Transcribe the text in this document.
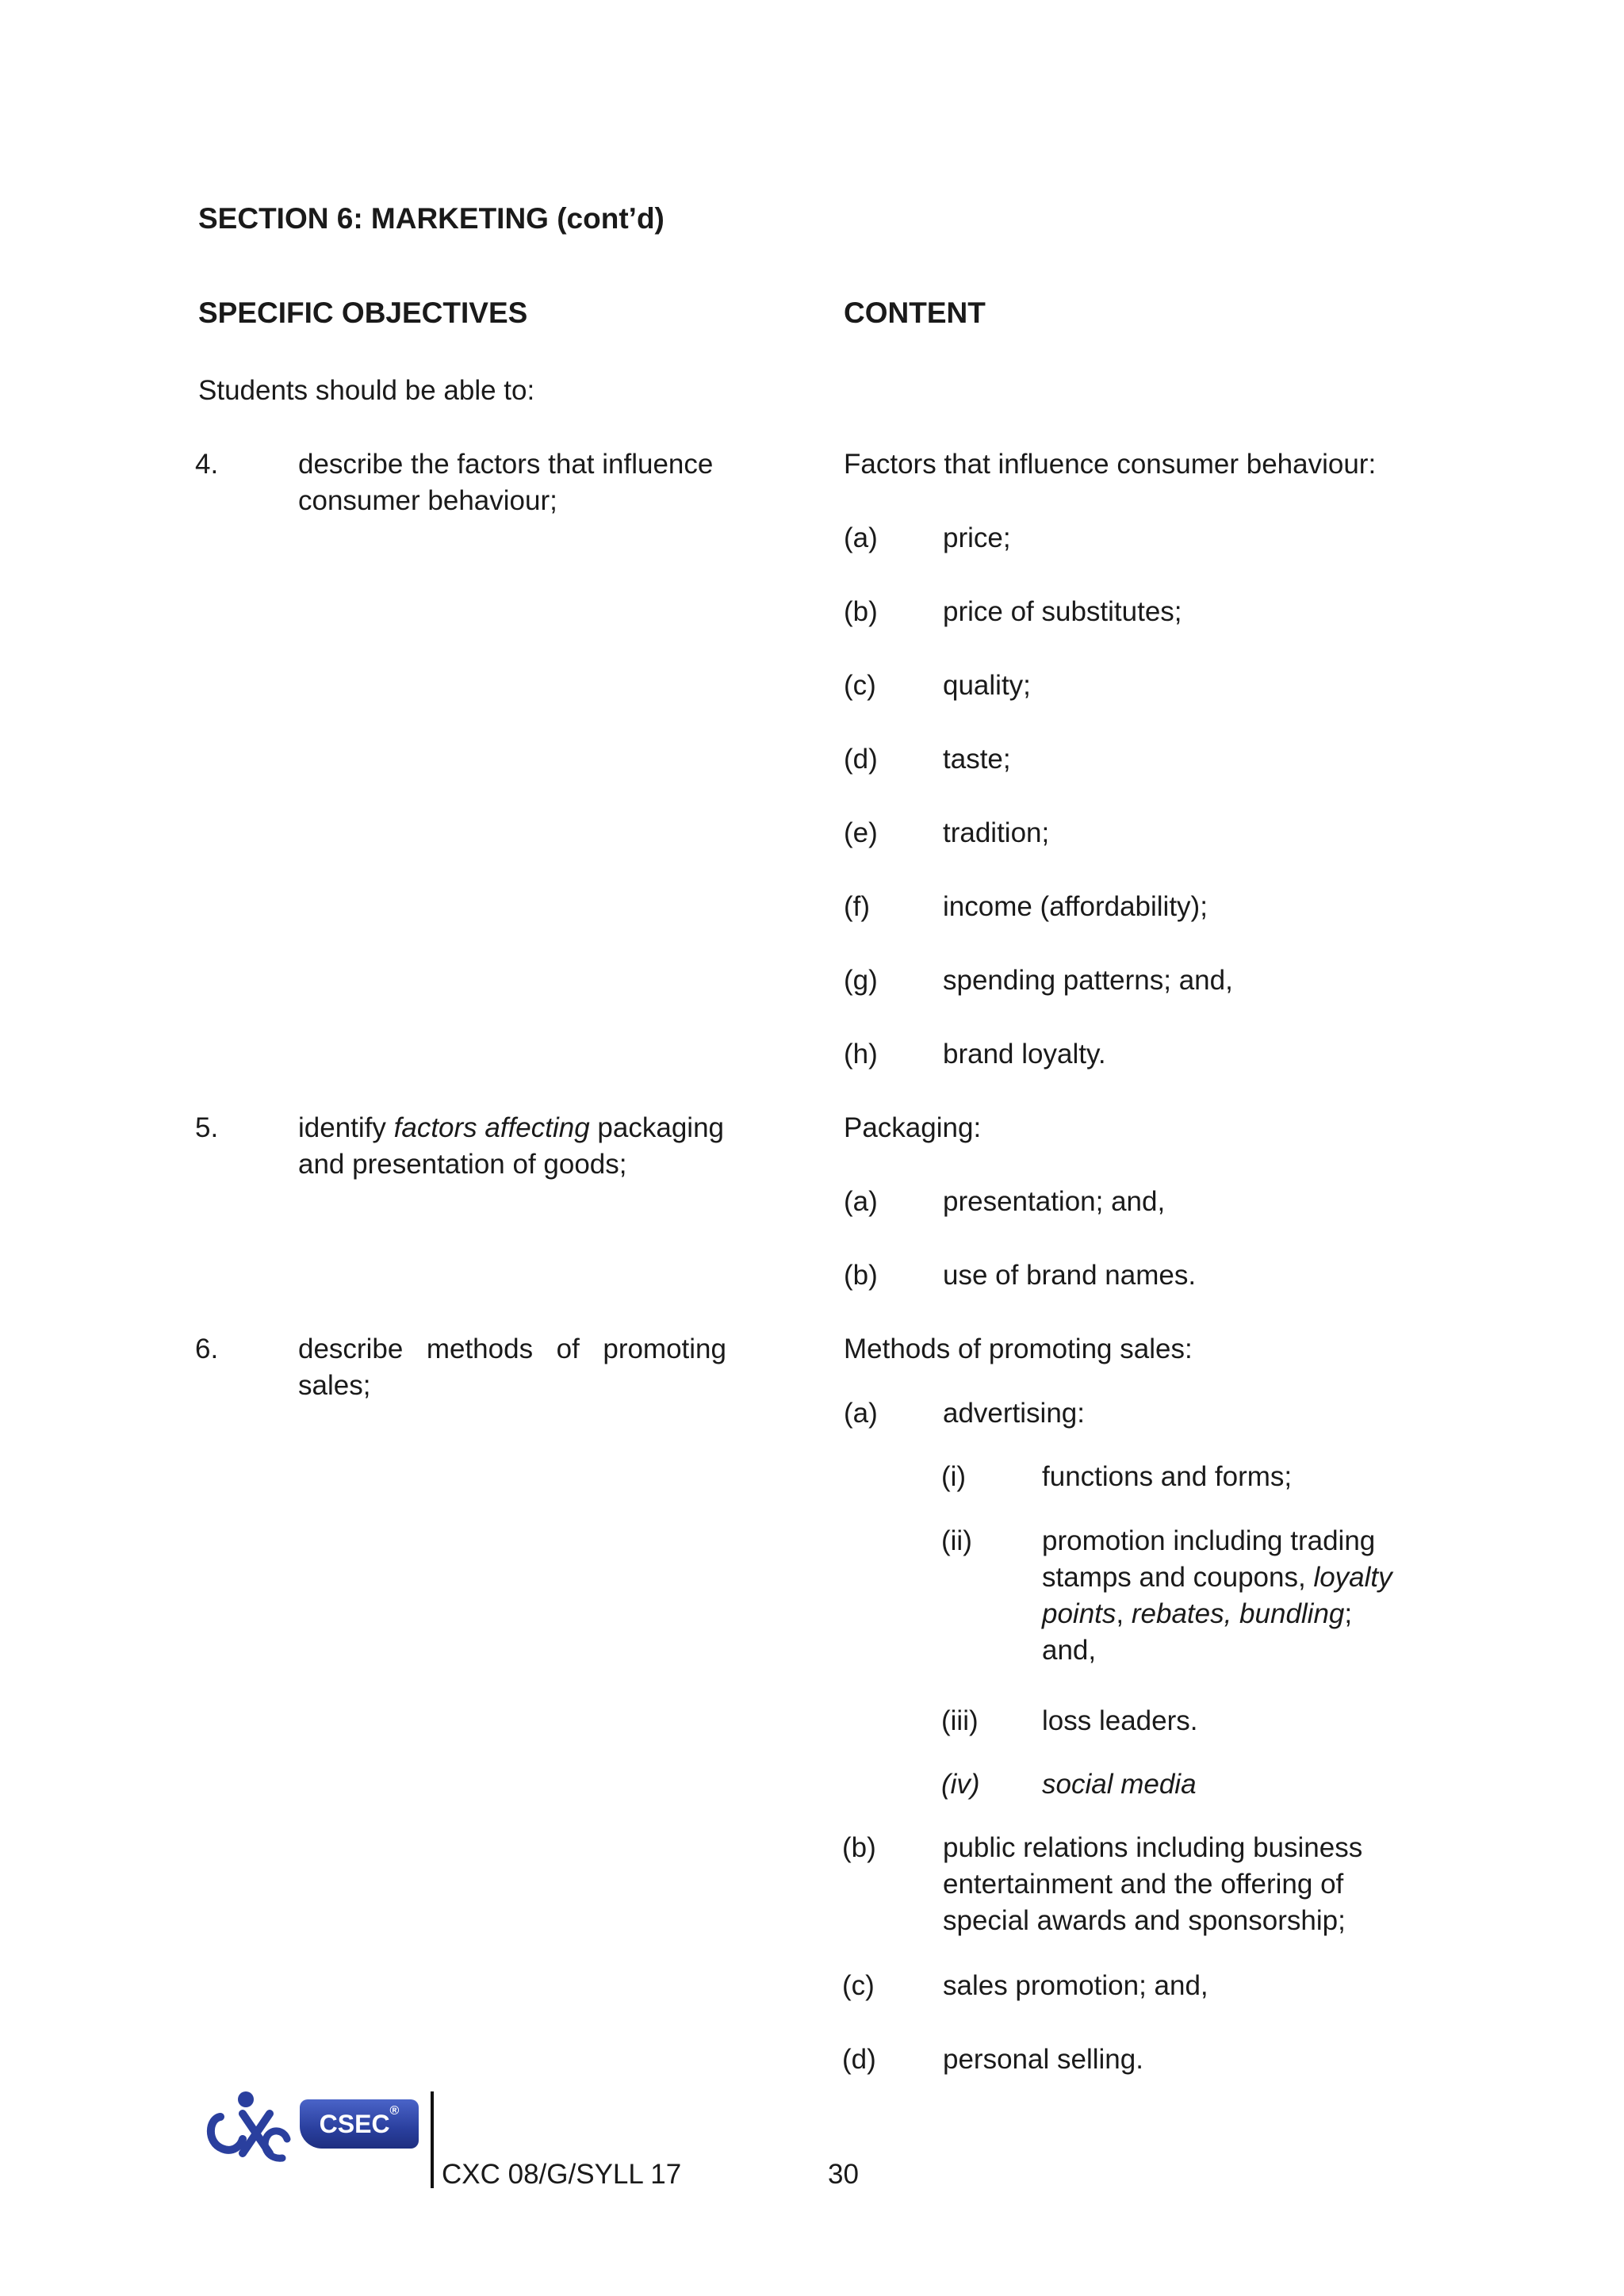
SECTION 6: MARKETING (cont’d)
SPECIFIC OBJECTIVES	CONTENT
Students should be able to:
4.	describe the factors that influence consumer behaviour;
Factors that influence consumer behaviour:
(a) price;
(b) price of substitutes;
(c) quality;
(d) taste;
(e) tradition;
(f)	income (affordability);
(g) spending patterns; and,
(h) brand loyalty.
5.	identify factors affecting packaging and presentation of goods;
Packaging:
(a) presentation; and,
(b) use of brand names.
6.	describe methods of promoting sales;
Methods of promoting sales:
(a) advertising:
(i)	functions and forms;
(ii)	promotion including trading stamps and coupons, loyalty points, rebates, bundling; and,
(iii) loss leaders.
(iv) social media
(b) public relations including business entertainment and the offering of special awards and sponsorship;
(c) sales promotion; and,
(d) personal selling.
CXC
CSEC®
CXC 08/G/SYLL 17	30
